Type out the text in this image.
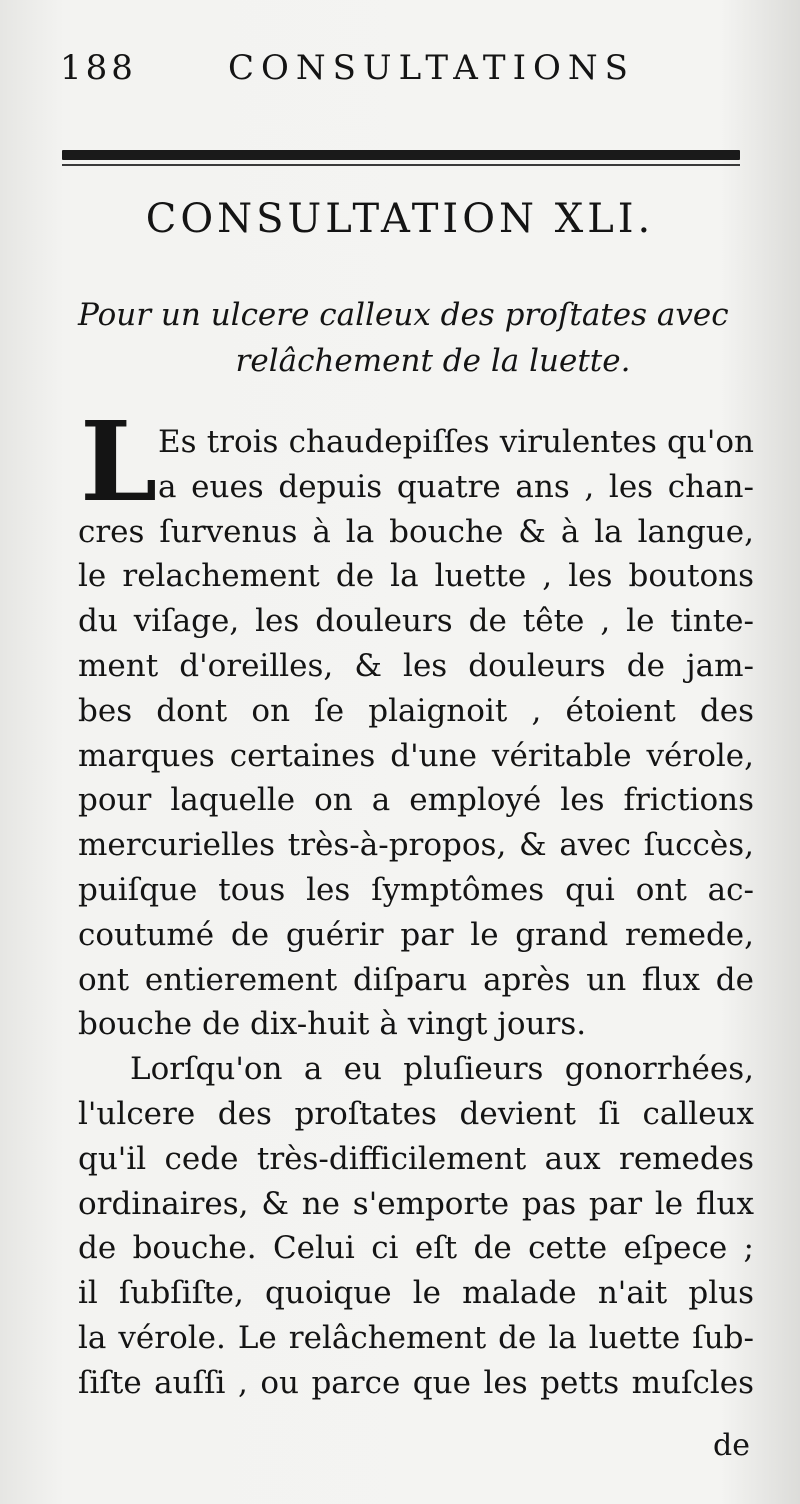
188	CONSULTATIONS
CONSULTATION XLI.
Pour un ulcere calleux des proſtates avec
relâchement de la luette.
L Es trois chaudepiſſes virulentes qu'on
a eues depuis quatre ans , les chan-
cres ſurvenus à la bouche & à la langue,
le relachement de la luette , les boutons
du viſage, les douleurs de tête , le tinte-
ment d'oreilles, & les douleurs de jam-
bes dont on ſe plaignoit , étoient des
marques certaines d'une véritable vérole,
pour laquelle on a employé les frictions
mercurielles très-à-propos, & avec ſuccès,
puiſque tous les ſymptômes qui ont ac-
coutumé de guérir par le grand remede,
ont entierement diſparu après un flux de
bouche de dix-huit à vingt jours.
Lorſqu'on a eu pluſieurs gonorrhées,
l'ulcere des proſtates devient ſi calleux
qu'il cede très-difficilement aux remedes
ordinaires, & ne s'emporte pas par le flux
de bouche. Celui ci eſt de cette eſpece ;
il ſubſiſte, quoique le malade n'ait plus
la vérole. Le relâchement de la luette ſub-
ſiſte auſſi , ou parce que les petts muſcles
de
